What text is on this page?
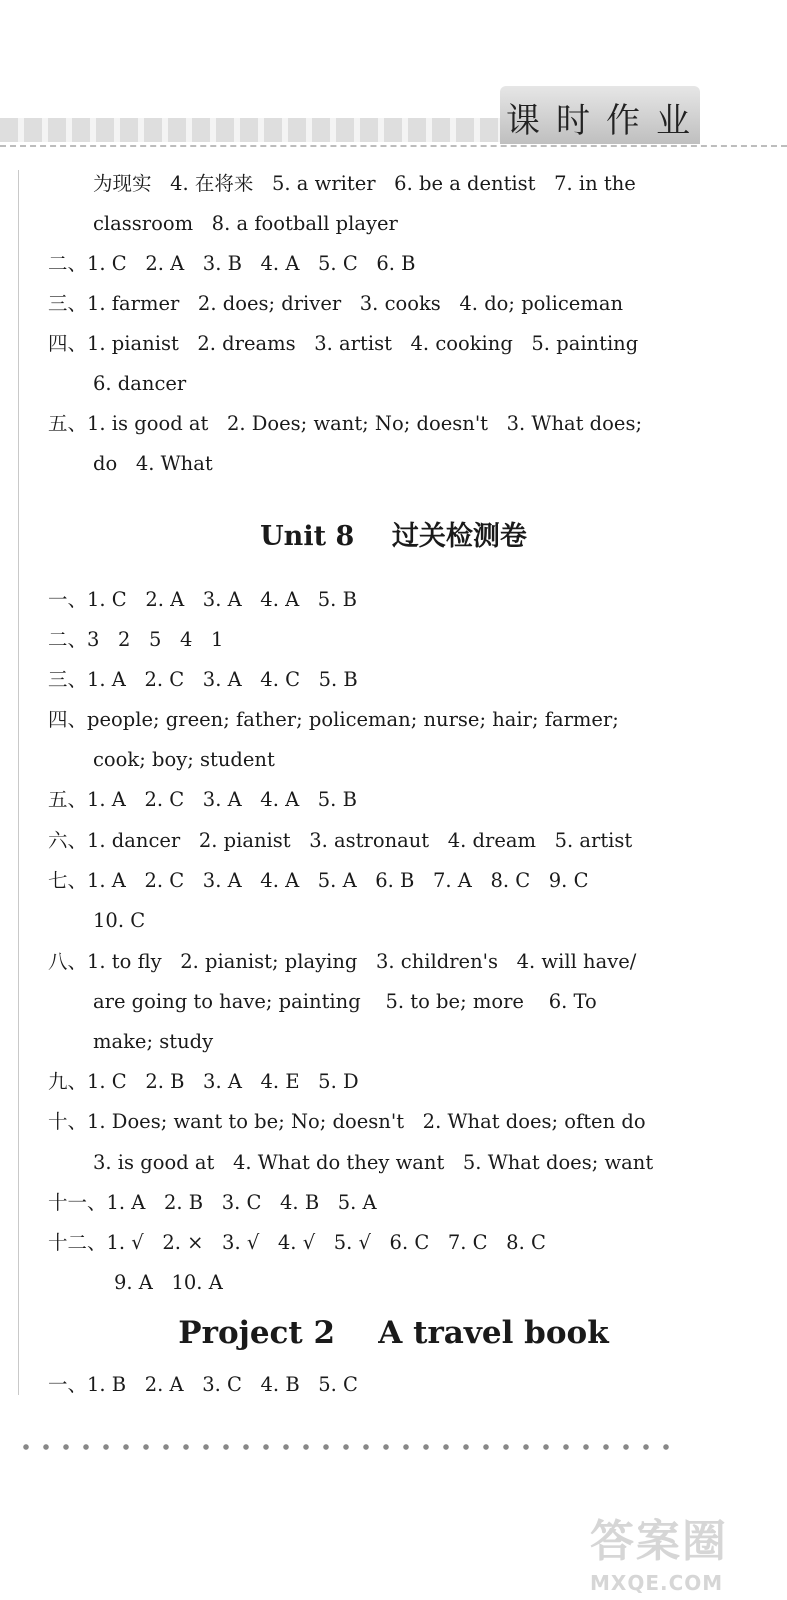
课 时 作 业
为现实   4. 在将来   5. a writer   6. be a dentist   7. in the
classroom   8. a football player
二、1. C   2. A   3. B   4. A   5. C   6. B
三、1. farmer   2. does; driver   3. cooks   4. do; policeman
四、1. pianist   2. dreams   3. artist   4. cooking   5. painting
6. dancer
五、1. is good at   2. Does; want; No; doesn't   3. What does;
do   4. What
Unit 8    过关检测卷
一、1. C   2. A   3. A   4. A   5. B
二、3   2   5   4   1
三、1. A   2. C   3. A   4. C   5. B
四、people; green; father; policeman; nurse; hair; farmer;
cook; boy; student
五、1. A   2. C   3. A   4. A   5. B
六、1. dancer   2. pianist   3. astronaut   4. dream   5. artist
七、1. A   2. C   3. A   4. A   5. A   6. B   7. A   8. C   9. C
10. C
八、1. to fly   2. pianist; playing   3. children's   4. will have/
are going to have; painting    5. to be; more    6. To
make; study
九、1. C   2. B   3. A   4. E   5. D
十、1. Does; want to be; No; doesn't   2. What does; often do
3. is good at   4. What do they want   5. What does; want
十一、1. A   2. B   3. C   4. B   5. A
十二、1. √   2. ×   3. √   4. √   5. √   6. C   7. C   8. C
9. A   10. A
Project 2    A travel book
一、1. B   2. A   3. C   4. B   5. C
答案圈
MXQE.COM
